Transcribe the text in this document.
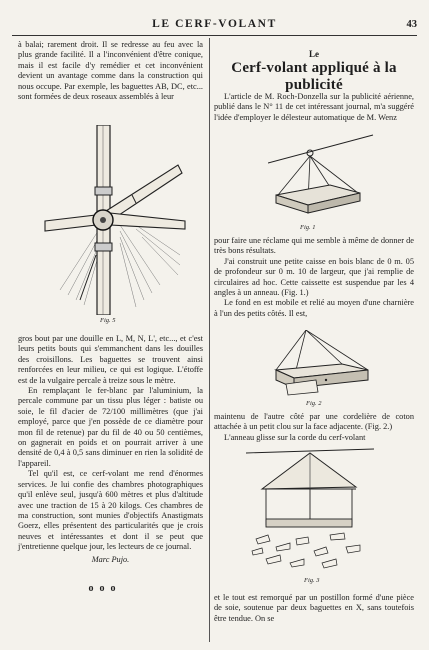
LE CERF-VOLANT	43

à balai; rarement droit. Il se redresse au feu avec la plus grande facilité. Il a l'inconvénient d'être conique, mais il est facile d'y remédier et cet inconvénient devient un avantage comme dans la construction qui nous occupe. Par exemple, les baguettes AB, DC, etc... sont formées de deux roseaux assemblés à leur

Fig. 5

gros bout par une douille en L, M, N, L', etc..., et c'est leurs petits bouts qui s'emmanchent dans les douilles des croisillons. Les baguettes se trouvent ainsi renforcées en leur milieu, ce qui est logique. L'étoffe est de la vulgaire percale à treize sous le mètre.

En remplaçant le fer-blanc par l'aluminium, la percale commune par un tissu plus léger : batiste ou soie, le fil d'acier de 72/100 millimètres (que j'ai employé, parce que j'en possède de ce diamètre pour mon fil de retenue) par du fil de 40 ou 50 centièmes, on gagnerait en poids et on pourrait arriver à une densité de 0,4 à 0,5 sans diminuer en rien la solidité de l'appareil.

Tel qu'il est, ce cerf-volant me rend d'énormes services. Je lui confie des chambres photographiques qu'il enlève seul, jusqu'à 600 mètres et plus d'altitude avec une traction de 15 à 20 kilogs. Ces chambres de ma construction, sont munies d'objectifs Anastigmats Goerz, elles présentent des particularités que je crois neuves et intéressantes et dont il se peut que j'entretienne quelque jour, les lecteurs de ce journal.

Marc Pujo.
ooo
Le
Cerf-volant appliqué à la publicité

L'article de M. Roch-Donzella sur la publicité aérienne, publié dans le N° 11 de cet intéressant journal, m'a suggéré l'idée d'employer le délesteur automatique de M. Wenz

Fig. 1

pour faire une réclame qui me semble à même de donner de très bons résultats.

J'ai construit une petite caisse en bois blanc de 0 m. 05 de profondeur sur 0 m. 10 de largeur, que j'ai remplie de circulaires ad hoc. Cette caissette est suspendue par les 4 angles à un anneau. (Fig. 1.)

Le fond en est mobile et relié au moyen d'une charnière à l'un des petits côtés. Il est,

Fig. 2

maintenu de l'autre côté par une cordelière de coton attachée à un petit clou sur la face adjacente. (Fig. 2.)

L'anneau glisse sur la corde du cerf-volant

Fig. 3

et le tout est remorqué par un postillon formé d'une pièce de soie, soutenue par deux baguettes en X, sans toutefois être tendue. On se
